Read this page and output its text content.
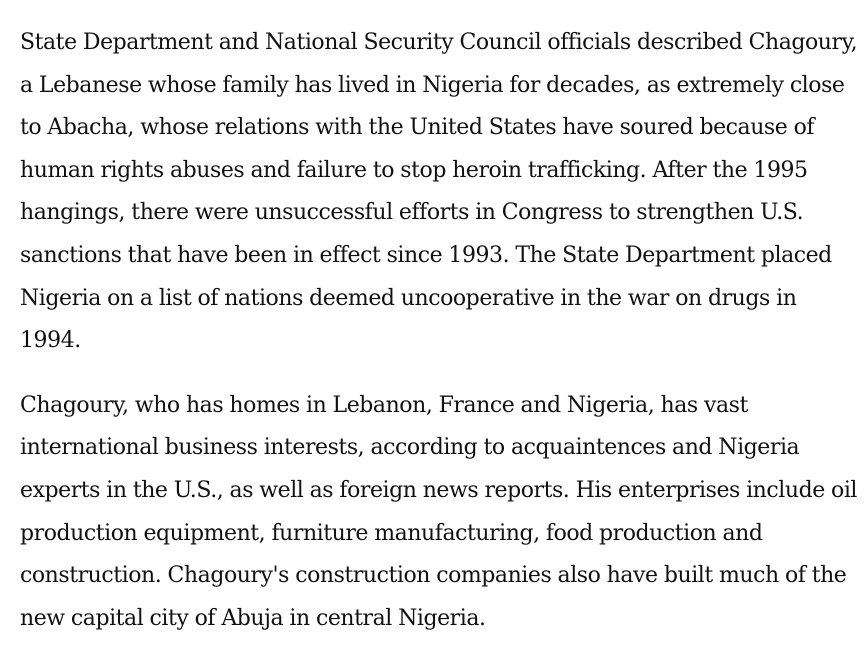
State Department and National Security Council officials described Chagoury, a Lebanese whose family has lived in Nigeria for decades, as extremely close to Abacha, whose relations with the United States have soured because of human rights abuses and failure to stop heroin trafficking. After the 1995 hangings, there were unsuccessful efforts in Congress to strengthen U.S. sanctions that have been in effect since 1993. The State Department placed Nigeria on a list of nations deemed uncooperative in the war on drugs in 1994.

Chagoury, who has homes in Lebanon, France and Nigeria, has vast international business interests, according to acquaintences and Nigeria experts in the U.S., as well as foreign news reports. His enterprises include oil production equipment, furniture manufacturing, food production and construction. Chagoury's construction companies also have built much of the new capital city of Abuja in central Nigeria.
